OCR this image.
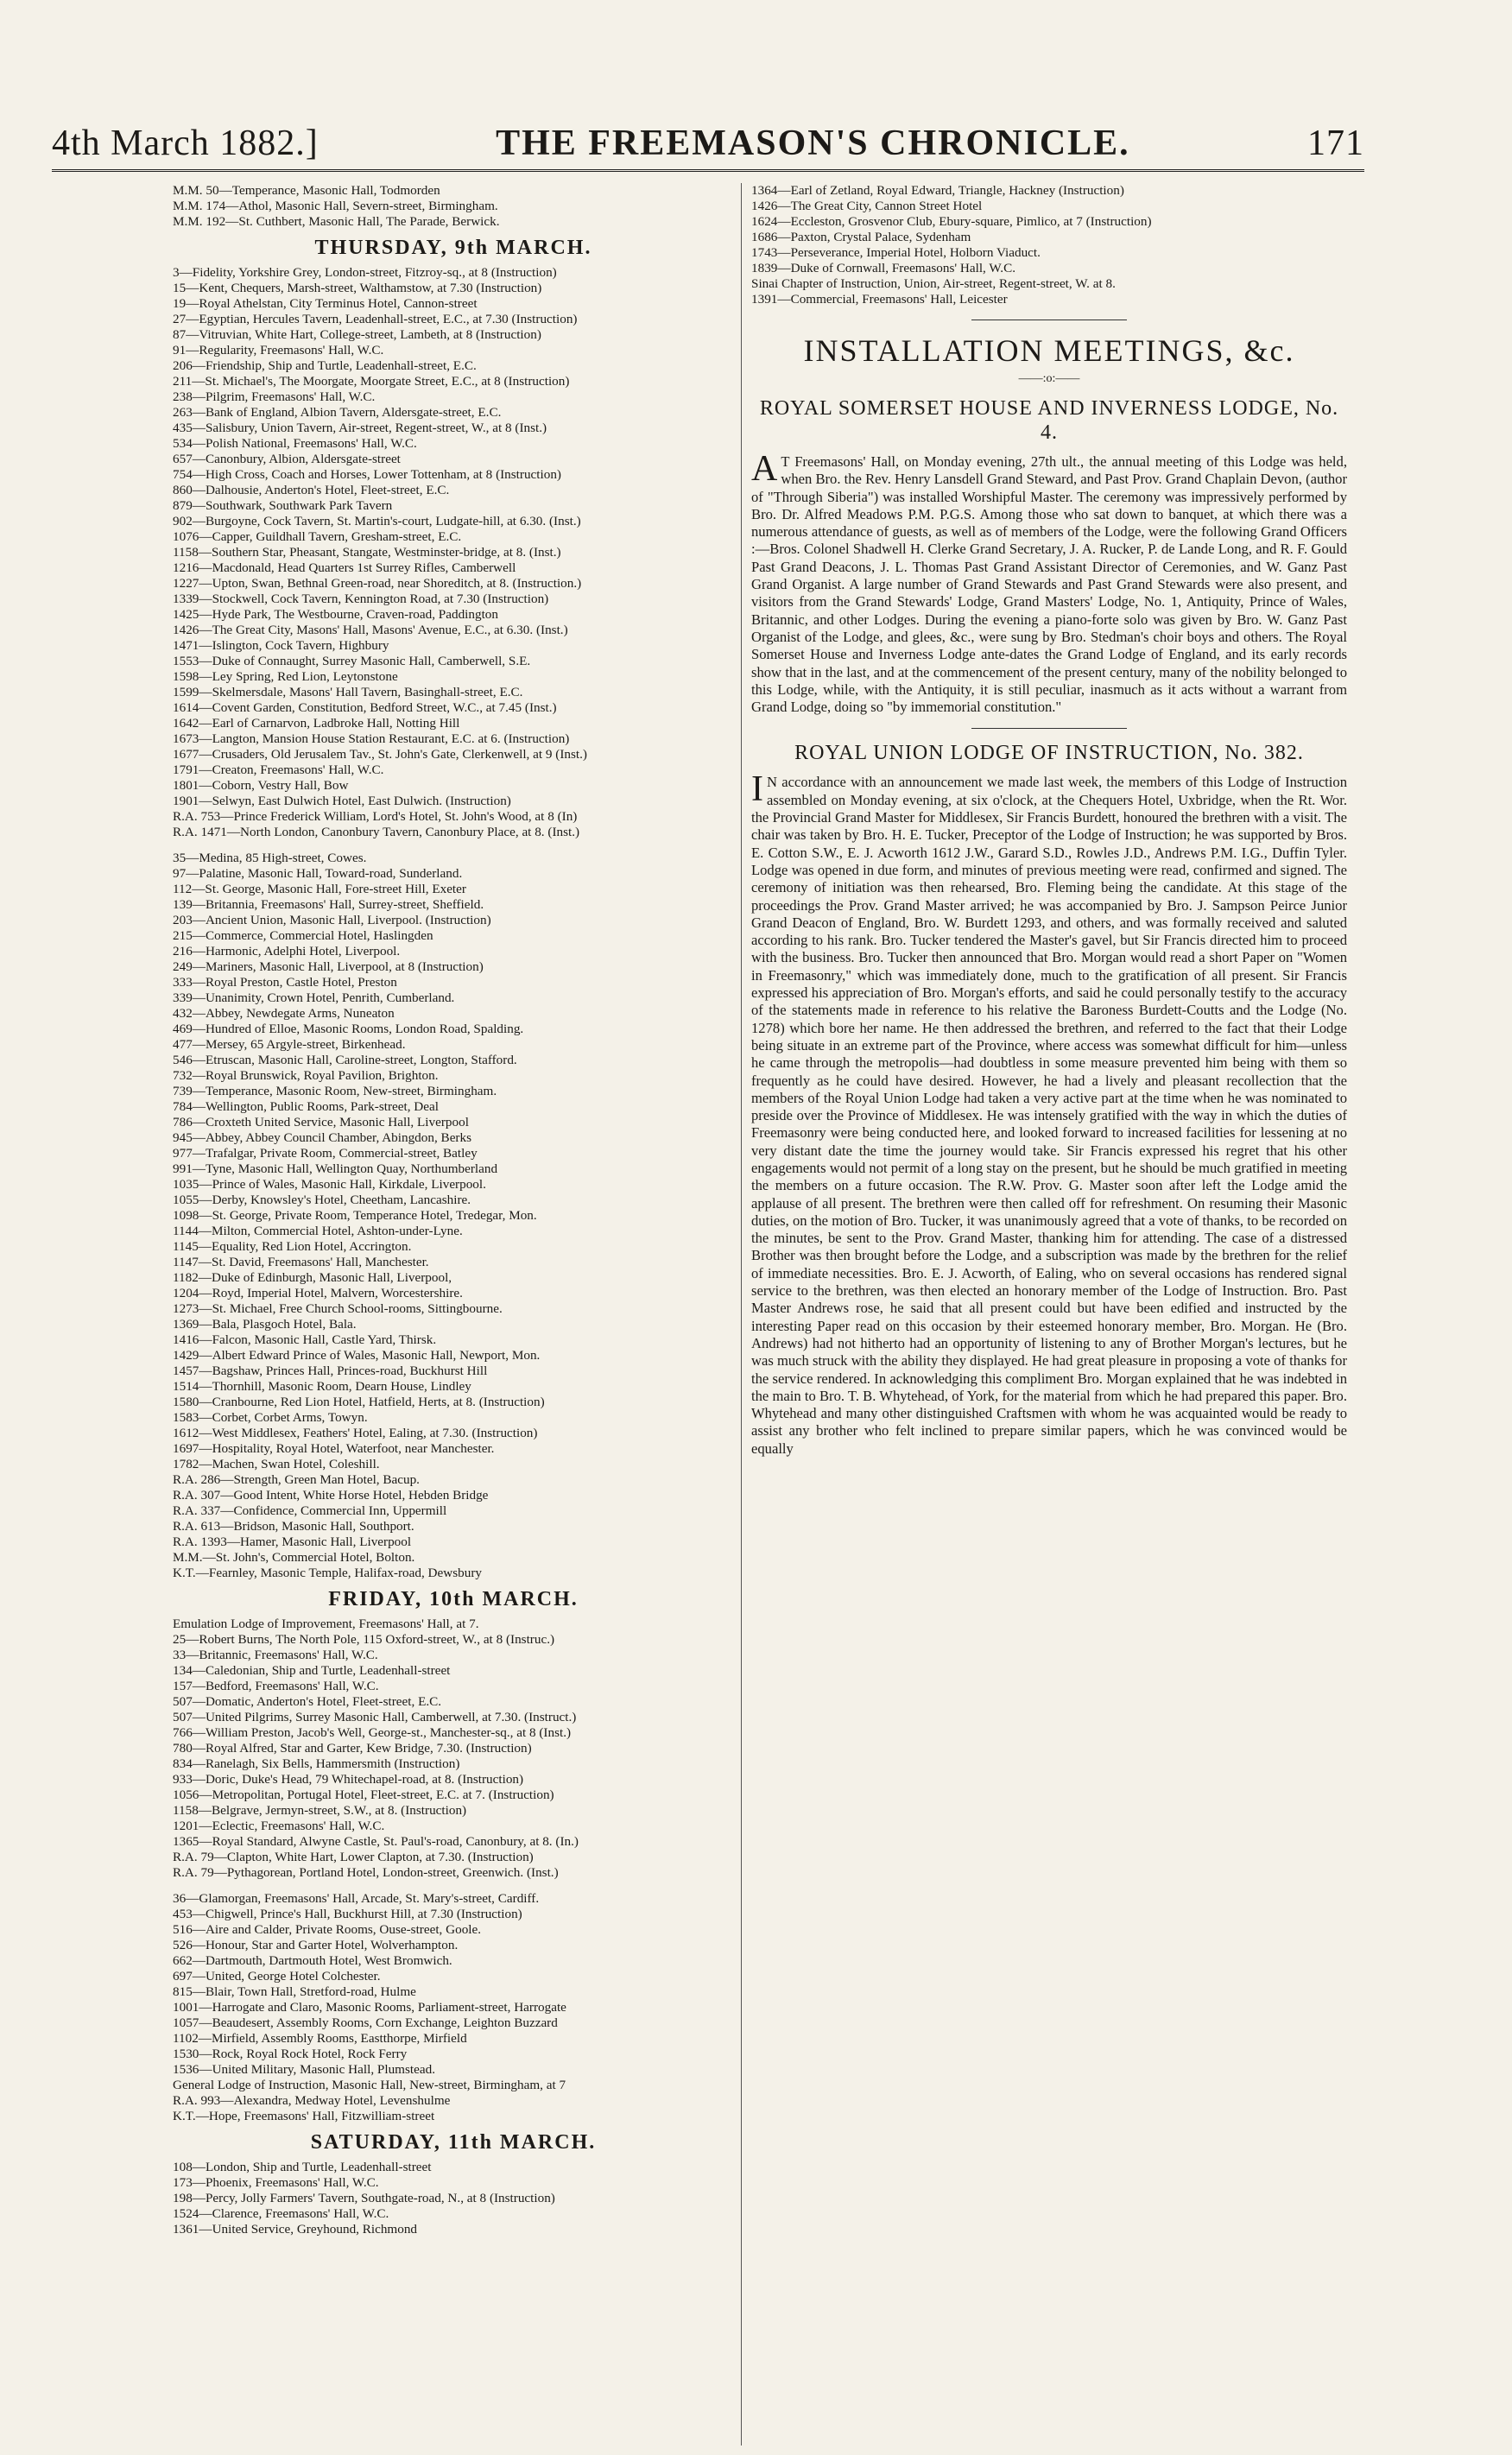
4th March 1882.]	THE FREEMASON'S CHRONICLE.	171
M.M. 50—Temperance, Masonic Hall, Todmorden
M.M. 174—Athol, Masonic Hall, Severn-street, Birmingham.
M.M. 192—St. Cuthbert, Masonic Hall, The Parade, Berwick.
THURSDAY, 9th MARCH.
3—Fidelity, Yorkshire Grey, London-street, Fitzroy-sq., at 8 (Instruction)
15—Kent, Chequers, Marsh-street, Walthamstow, at 7.30 (Instruction)
19—Royal Athelstan, City Terminus Hotel, Cannon-street
27—Egyptian, Hercules Tavern, Leadenhall-street, E.C., at 7.30 (Instruction)
87—Vitruvian, White Hart, College-street, Lambeth, at 8 (Instruction)
91—Regularity, Freemasons' Hall, W.C.
206—Friendship, Ship and Turtle, Leadenhall-street, E.C.
211—St. Michael's, The Moorgate, Moorgate Street, E.C., at 8 (Instruction)
238—Pilgrim, Freemasons' Hall, W.C.
263—Bank of England, Albion Tavern, Aldersgate-street, E.C.
435—Salisbury, Union Tavern, Air-street, Regent-street, W., at 8 (Inst.)
534—Polish National, Freemasons' Hall, W.C.
657—Canonbury, Albion, Aldersgate-street
754—High Cross, Coach and Horses, Lower Tottenham, at 8 (Instruction)
860—Dalhousie, Anderton's Hotel, Fleet-street, E.C.
879—Southwark, Southwark Park Tavern
902—Burgoyne, Cock Tavern, St. Martin's-court, Ludgate-hill, at 6.30. (Inst.)
1076—Capper, Guildhall Tavern, Gresham-street, E.C.
1158—Southern Star, Pheasant, Stangate, Westminster-bridge, at 8. (Inst.)
1216—Macdonald, Head Quarters 1st Surrey Rifles, Camberwell
1227—Upton, Swan, Bethnal Green-road, near Shoreditch, at 8. (Instruction.)
1339—Stockwell, Cock Tavern, Kennington Road, at 7.30 (Instruction)
1425—Hyde Park, The Westbourne, Craven-road, Paddington
1426—The Great City, Masons' Hall, Masons' Avenue, E.C., at 6.30. (Inst.)
1471—Islington, Cock Tavern, Highbury
1553—Duke of Connaught, Surrey Masonic Hall, Camberwell, S.E.
1598—Ley Spring, Red Lion, Leytonstone
1599—Skelmersdale, Masons' Hall Tavern, Basinghall-street, E.C.
1614—Covent Garden, Constitution, Bedford Street, W.C., at 7.45 (Inst.)
1642—Earl of Carnarvon, Ladbroke Hall, Notting Hill
1673—Langton, Mansion House Station Restaurant, E.C. at 6. (Instruction)
1677—Crusaders, Old Jerusalem Tav., St. John's Gate, Clerkenwell, at 9 (Inst.)
1791—Creaton, Freemasons' Hall, W.C.
1801—Coborn, Vestry Hall, Bow
1901—Selwyn, East Dulwich Hotel, East Dulwich. (Instruction)
R.A. 753—Prince Frederick William, Lord's Hotel, St. John's Wood, at 8 (In)
R.A. 1471—North London, Canonbury Tavern, Canonbury Place, at 8. (Inst.)
35—Medina, 85 High-street, Cowes.
97—Palatine, Masonic Hall, Toward-road, Sunderland.
112—St. George, Masonic Hall, Fore-street Hill, Exeter
139—Britannia, Freemasons' Hall, Surrey-street, Sheffield.
203—Ancient Union, Masonic Hall, Liverpool. (Instruction)
215—Commerce, Commercial Hotel, Haslingden
216—Harmonic, Adelphi Hotel, Liverpool.
249—Mariners, Masonic Hall, Liverpool, at 8 (Instruction)
333—Royal Preston, Castle Hotel, Preston
339—Unanimity, Crown Hotel, Penrith, Cumberland.
432—Abbey, Newdegate Arms, Nuneaton
469—Hundred of Elloe, Masonic Rooms, London Road, Spalding.
477—Mersey, 65 Argyle-street, Birkenhead.
546—Etruscan, Masonic Hall, Caroline-street, Longton, Stafford.
732—Royal Brunswick, Royal Pavilion, Brighton.
739—Temperance, Masonic Room, New-street, Birmingham.
784—Wellington, Public Rooms, Park-street, Deal
786—Croxteth United Service, Masonic Hall, Liverpool
945—Abbey, Abbey Council Chamber, Abingdon, Berks
977—Trafalgar, Private Room, Commercial-street, Batley
991—Tyne, Masonic Hall, Wellington Quay, Northumberland
1035—Prince of Wales, Masonic Hall, Kirkdale, Liverpool.
1055—Derby, Knowsley's Hotel, Cheetham, Lancashire.
1098—St. George, Private Room, Temperance Hotel, Tredegar, Mon.
1144—Milton, Commercial Hotel, Ashton-under-Lyne.
1145—Equality, Red Lion Hotel, Accrington.
1147—St. David, Freemasons' Hall, Manchester.
1182—Duke of Edinburgh, Masonic Hall, Liverpool,
1204—Royd, Imperial Hotel, Malvern, Worcestershire.
1273—St. Michael, Free Church School-rooms, Sittingbourne.
1369—Bala, Plasgoch Hotel, Bala.
1416—Falcon, Masonic Hall, Castle Yard, Thirsk.
1429—Albert Edward Prince of Wales, Masonic Hall, Newport, Mon.
1457—Bagshaw, Princes Hall, Princes-road, Buckhurst Hill
1514—Thornhill, Masonic Room, Dearn House, Lindley
1580—Cranbourne, Red Lion Hotel, Hatfield, Herts, at 8. (Instruction)
1583—Corbet, Corbet Arms, Towyn.
1612—West Middlesex, Feathers' Hotel, Ealing, at 7.30. (Instruction)
1697—Hospitality, Royal Hotel, Waterfoot, near Manchester.
1782—Machen, Swan Hotel, Coleshill.
R.A. 286—Strength, Green Man Hotel, Bacup.
R.A. 307—Good Intent, White Horse Hotel, Hebden Bridge
R.A. 337—Confidence, Commercial Inn, Uppermill
R.A. 613—Bridson, Masonic Hall, Southport.
R.A. 1393—Hamer, Masonic Hall, Liverpool
M.M.—St. John's, Commercial Hotel, Bolton.
K.T.—Fearnley, Masonic Temple, Halifax-road, Dewsbury
FRIDAY, 10th MARCH.
Emulation Lodge of Improvement, Freemasons' Hall, at 7.
25—Robert Burns, The North Pole, 115 Oxford-street, W., at 8 (Instruc.)
33—Britannic, Freemasons' Hall, W.C.
134—Caledonian, Ship and Turtle, Leadenhall-street
157—Bedford, Freemasons' Hall, W.C.
507—Domatic, Anderton's Hotel, Fleet-street, E.C.
507—United Pilgrims, Surrey Masonic Hall, Camberwell, at 7.30. (Instruct.)
766—William Preston, Jacob's Well, George-st., Manchester-sq., at 8 (Inst.)
780—Royal Alfred, Star and Garter, Kew Bridge, 7.30. (Instruction)
834—Ranelagh, Six Bells, Hammersmith (Instruction)
933—Doric, Duke's Head, 79 Whitechapel-road, at 8. (Instruction)
1056—Metropolitan, Portugal Hotel, Fleet-street, E.C. at 7. (Instruction)
1158—Belgrave, Jermyn-street, S.W., at 8. (Instruction)
1201—Eclectic, Freemasons' Hall, W.C.
1365—Royal Standard, Alwyne Castle, St. Paul's-road, Canonbury, at 8. (In.)
R.A. 79—Clapton, White Hart, Lower Clapton, at 7.30. (Instruction)
R.A. 79—Pythagorean, Portland Hotel, London-street, Greenwich. (Inst.)
36—Glamorgan, Freemasons' Hall, Arcade, St. Mary's-street, Cardiff.
453—Chigwell, Prince's Hall, Buckhurst Hill, at 7.30 (Instruction)
516—Aire and Calder, Private Rooms, Ouse-street, Goole.
526—Honour, Star and Garter Hotel, Wolverhampton.
662—Dartmouth, Dartmouth Hotel, West Bromwich.
697—United, George Hotel Colchester.
815—Blair, Town Hall, Stretford-road, Hulme
1001—Harrogate and Claro, Masonic Rooms, Parliament-street, Harrogate
1057—Beaudesert, Assembly Rooms, Corn Exchange, Leighton Buzzard
1102—Mirfield, Assembly Rooms, Eastthorpe, Mirfield
1530—Rock, Royal Rock Hotel, Rock Ferry
1536—United Military, Masonic Hall, Plumstead.
General Lodge of Instruction, Masonic Hall, New-street, Birmingham, at 7
R.A. 993—Alexandra, Medway Hotel, Levenshulme
K.T.—Hope, Freemasons' Hall, Fitzwilliam-street
SATURDAY, 11th MARCH.
108—London, Ship and Turtle, Leadenhall-street
173—Phoenix, Freemasons' Hall, W.C.
198—Percy, Jolly Farmers' Tavern, Southgate-road, N., at 8 (Instruction)
1524—Clarence, Freemasons' Hall, W.C.
1361—United Service, Greyhound, Richmond
1364—Earl of Zetland, Royal Edward, Triangle, Hackney (Instruction)
1426—The Great City, Cannon Street Hotel
1624—Eccleston, Grosvenor Club, Ebury-square, Pimlico, at 7 (Instruction)
1686—Paxton, Crystal Palace, Sydenham
1743—Perseverance, Imperial Hotel, Holborn Viaduct.
1839—Duke of Cornwall, Freemasons' Hall, W.C.
Sinai Chapter of Instruction, Union, Air-street, Regent-street, W. at 8.
1391—Commercial, Freemasons' Hall, Leicester
INSTALLATION MEETINGS, &c.
——:o:——
ROYAL SOMERSET HOUSE AND INVERNESS LODGE, No. 4.

AT Freemasons' Hall, on Monday evening, 27th ult., the annual meeting of this Lodge was held, when Bro. the Rev. Henry Lansdell Grand Steward, and Past Prov. Grand Chaplain Devon, (author of "Through Siberia") was installed Worshipful Master. The ceremony was impressively performed by Bro. Dr. Alfred Meadows P.M. P.G.S. Among those who sat down to banquet, at which there was a numerous attendance of guests, as well as of members of the Lodge, were the following Grand Officers :—Bros. Colonel Shadwell H. Clerke Grand Secretary, J. A. Rucker, P. de Lande Long, and R. F. Gould Past Grand Deacons, J. L. Thomas Past Grand Assistant Director of Ceremonies, and W. Ganz Past Grand Organist. A large number of Grand Stewards and Past Grand Stewards were also present, and visitors from the Grand Stewards' Lodge, Grand Masters' Lodge, No. 1, Antiquity, Prince of Wales, Britannic, and other Lodges. During the evening a piano-forte solo was given by Bro. W. Ganz Past Organist of the Lodge, and glees, &c., were sung by Bro. Stedman's choir boys and others. The Royal Somerset House and Inverness Lodge ante-dates the Grand Lodge of England, and its early records show that in the last, and at the commencement of the present century, many of the nobility belonged to this Lodge, while, with the Antiquity, it is still peculiar, inasmuch as it acts without a warrant from Grand Lodge, doing so "by immemorial constitution."

ROYAL UNION LODGE OF INSTRUCTION, No. 382.

IN accordance with an announcement we made last week, the members of this Lodge of Instruction assembled on Monday evening, at six o'clock, at the Chequers Hotel, Uxbridge, when the Rt. Wor. the Provincial Grand Master for Middlesex, Sir Francis Burdett, honoured the brethren with a visit. The chair was taken by Bro. H. E. Tucker, Preceptor of the Lodge of Instruction; he was supported by Bros. E. Cotton S.W., E. J. Acworth 1612 J.W., Garard S.D., Rowles J.D., Andrews P.M. I.G., Duffin Tyler. Lodge was opened in due form, and minutes of previous meeting were read, confirmed and signed. The ceremony of initiation was then rehearsed, Bro. Fleming being the candidate. At this stage of the proceedings the Prov. Grand Master arrived; he was accompanied by Bro. J. Sampson Peirce Junior Grand Deacon of England, Bro. W. Burdett 1293, and others, and was formally received and saluted according to his rank. Bro. Tucker tendered the Master's gavel, but Sir Francis directed him to proceed with the business. Bro. Tucker then announced that Bro. Morgan would read a short Paper on "Women in Freemasonry," which was immediately done, much to the gratification of all present. Sir Francis expressed his appreciation of Bro. Morgan's efforts, and said he could personally testify to the accuracy of the statements made in reference to his relative the Baroness Burdett-Coutts and the Lodge (No. 1278) which bore her name. He then addressed the brethren, and referred to the fact that their Lodge being situate in an extreme part of the Province, where access was somewhat difficult for him—unless he came through the metropolis—had doubtless in some measure prevented him being with them so frequently as he could have desired. However, he had a lively and pleasant recollection that the members of the Royal Union Lodge had taken a very active part at the time when he was nominated to preside over the Province of Middlesex. He was intensely gratified with the way in which the duties of Freemasonry were being conducted here, and looked forward to increased facilities for lessening at no very distant date the time the journey would take. Sir Francis expressed his regret that his other engagements would not permit of a long stay on the present, but he should be much gratified in meeting the members on a future occasion. The R.W. Prov. G. Master soon after left the Lodge amid the applause of all present. The brethren were then called off for refreshment. On resuming their Masonic duties, on the motion of Bro. Tucker, it was unanimously agreed that a vote of thanks, to be recorded on the minutes, be sent to the Prov. Grand Master, thanking him for attending. The case of a distressed Brother was then brought before the Lodge, and a subscription was made by the brethren for the relief of immediate necessities. Bro. E. J. Acworth, of Ealing, who on several occasions has rendered signal service to the brethren, was then elected an honorary member of the Lodge of Instruction. Bro. Past Master Andrews rose, he said that all present could but have been edified and instructed by the interesting Paper read on this occasion by their esteemed honorary member, Bro. Morgan. He (Bro. Andrews) had not hitherto had an opportunity of listening to any of Brother Morgan's lectures, but he was much struck with the ability they displayed. He had great pleasure in proposing a vote of thanks for the service rendered. In acknowledging this compliment Bro. Morgan explained that he was indebted in the main to Bro. T. B. Whytehead, of York, for the material from which he had prepared this paper. Bro. Whytehead and many other distinguished Craftsmen with whom he was acquainted would be ready to assist any brother who felt inclined to prepare similar papers, which he was convinced would be equally
